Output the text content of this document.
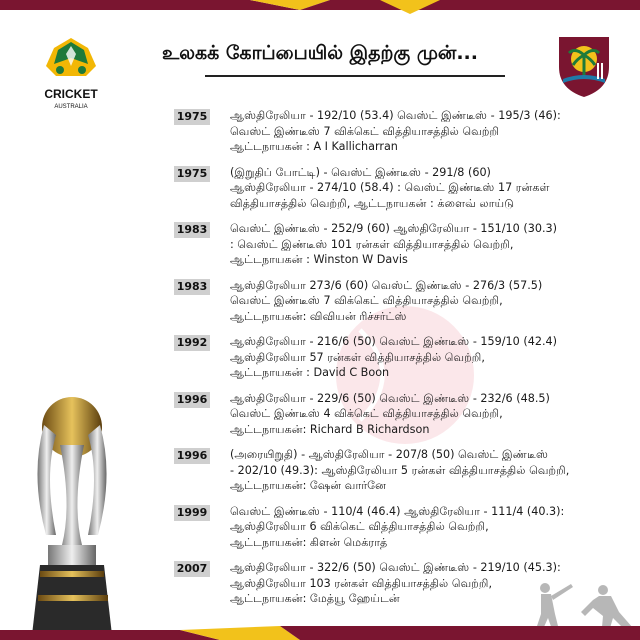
CRICKET
AUSTRALIA
உலகக் கோப்பையில் இதற்கு முன்...
1975 ஆஸ்திரேலியா - 192/10 (53.4) வெஸ்ட் இண்டீஸ் - 195/3 (46):
வெஸ்ட் இண்டீஸ் 7 விக்கெட் வித்தியாசத்தில் வெற்றி
ஆட்டநாயகன் : A I Kallicharran
1975 (இறுதிப் போட்டி) - வெஸ்ட் இண்டீஸ் - 291/8 (60)
ஆஸ்திரேலியா - 274/10 (58.4) : வெஸ்ட் இண்டீஸ் 17 ரன்கள்
வித்தியாசத்தில் வெற்றி, ஆட்டநாயகன் : க்ளைவ் லாய்டு
1983 வெஸ்ட் இண்டீஸ் - 252/9 (60) ஆஸ்திரேலியா - 151/10 (30.3)
: வெஸ்ட் இண்டீஸ் 101 ரன்கள் வித்தியாசத்தில் வெற்றி,
ஆட்டநாயகன் : Winston W Davis
1983 ஆஸ்திரேலியா 273/6 (60) வெஸ்ட் இண்டீஸ் - 276/3 (57.5)
வெஸ்ட் இண்டீஸ் 7 விக்கெட் வித்தியாசத்தில் வெற்றி,
ஆட்டநாயகன்: விவியன் ரிச்சர்ட்ஸ்
1992 ஆஸ்திரேலியா - 216/6 (50) வெஸ்ட் இண்டீஸ் - 159/10 (42.4)
ஆஸ்திரேலியா 57 ரன்கள் வித்தியாசத்தில் வெற்றி,
ஆட்டநாயகன் : David C Boon
1996 ஆஸ்திரேலியா - 229/6 (50) வெஸ்ட் இண்டீஸ் - 232/6 (48.5)
வெஸ்ட் இண்டீஸ் 4 விக்கெட் வித்தியாசத்தில் வெற்றி,
ஆட்டநாயகன்: Richard B Richardson
1996 (அரையிறுதி) - ஆஸ்திரேலியா - 207/8 (50) வெஸ்ட் இண்டீஸ்
- 202/10 (49.3): ஆஸ்திரேலியா 5 ரன்கள் வித்தியாசத்தில் வெற்றி,
ஆட்டநாயகன்: ஷேன் வார்னே
1999 வெஸ்ட் இண்டீஸ் - 110/4 (46.4) ஆஸ்திரேலியா - 111/4 (40.3):
ஆஸ்திரேலியா 6 விக்கெட் வித்தியாசத்தில் வெற்றி,
ஆட்டநாயகன்: கிளன் மெக்ராத்
2007 ஆஸ்திரேலியா - 322/6 (50) வெஸ்ட் இண்டீஸ் - 219/10 (45.3):
ஆஸ்திரேலியா 103 ரன்கள் வித்தியாசத்தில் வெற்றி,
ஆட்டநாயகன்: மேத்யூ ஹேய்டன்
